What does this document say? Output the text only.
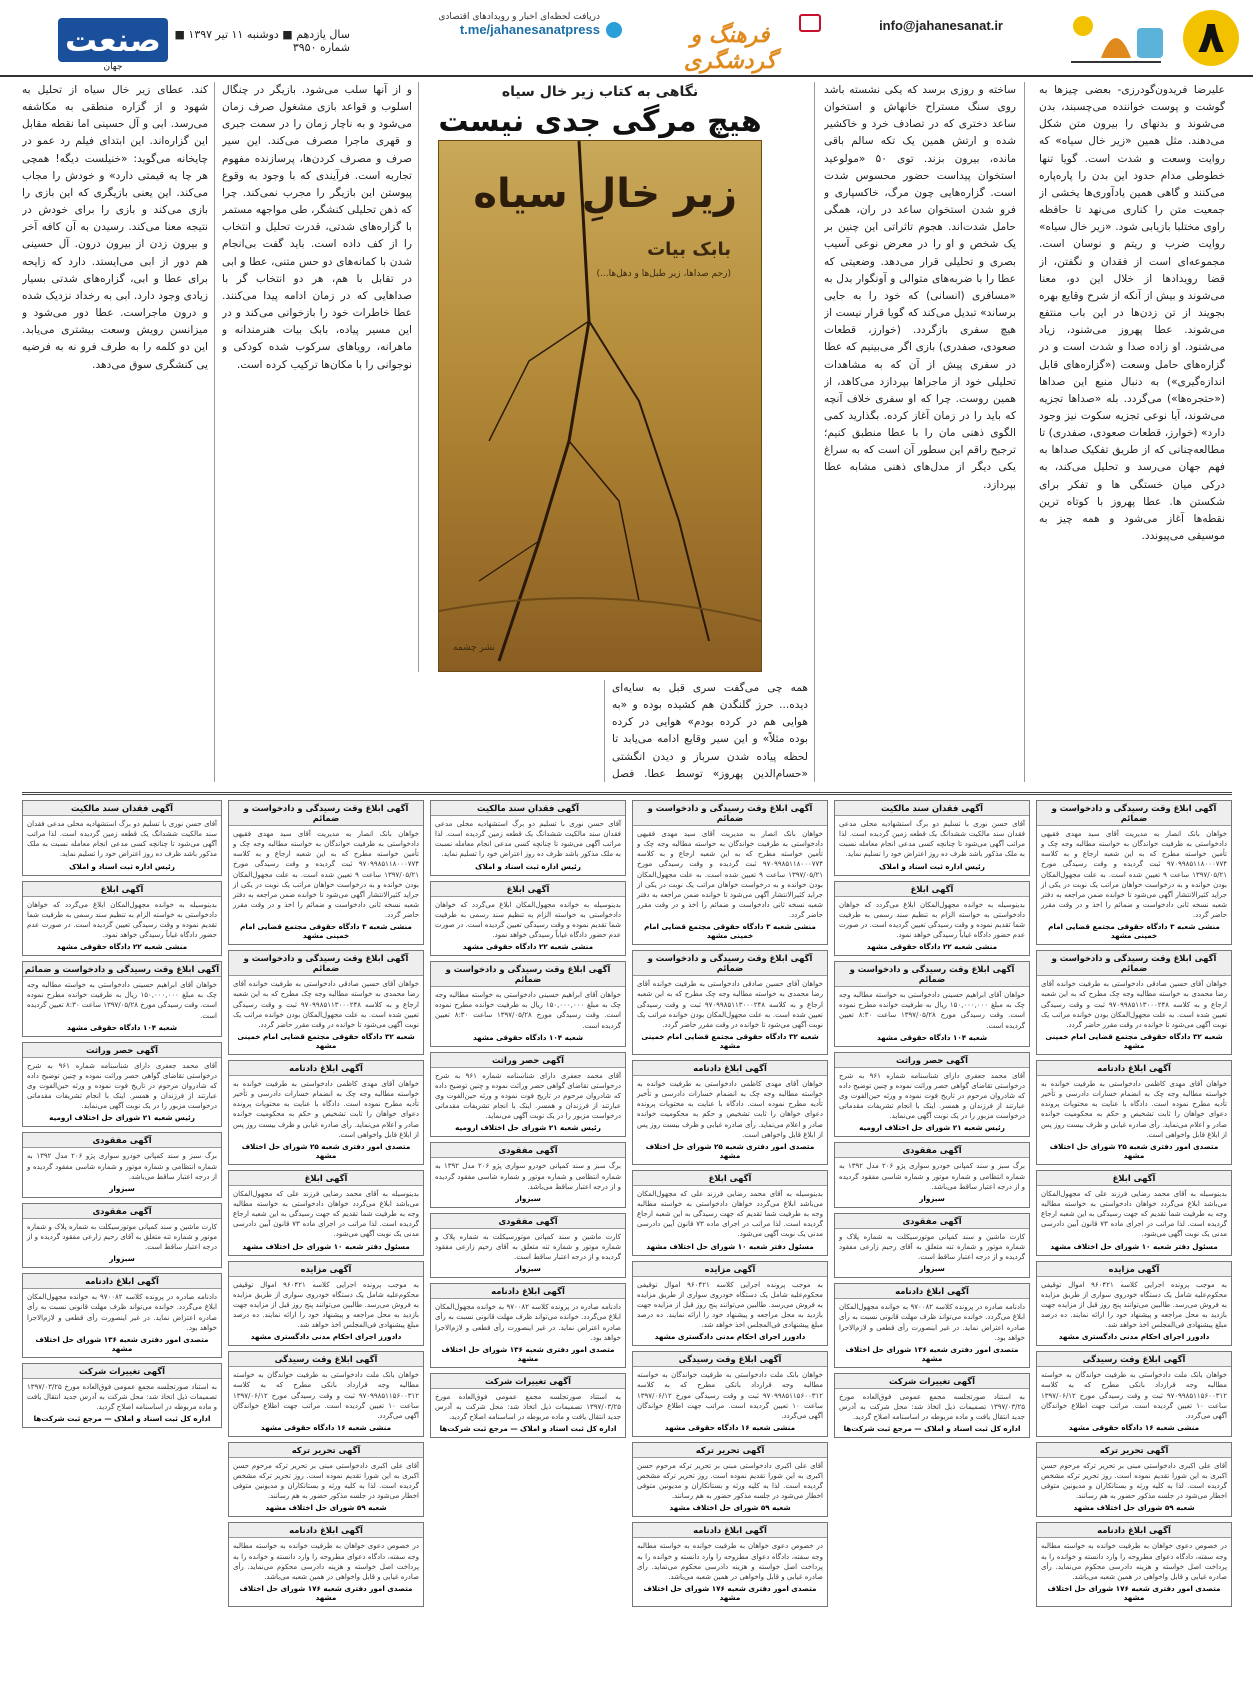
۸
info@jahanesanat.ir
فرهنگ و گردشگری
دریافت لحظه‌ای اخبار و رویدادهای اقتصادی
t.me/jahanesanatpress
سال یازدهم ■ دوشنبه ۱۱ تیر ۱۳۹۷ ■ شماره ۳۹۵۰
صنعت
جهان
علیرضا فریدون‌گودرزی- بعضی چیزها به گوشت و پوست خواننده می‌چسبند، بدن می‌شوند و بدنهای را بیرون متن شکل می‌دهند. مثل همین «زیر خال سیاه» که روایت وسعت و شدت است. گویا تنها خطوطی مدام حدود این بدن را پاره‌پاره می‌کنند و گاهی همین یادآوری‌ها یخشی از جمعیت متن را کناری می‌نهد تا حافظه راوی مختلبا بازیابی شود. «زیر خال سیاه» روایت ضرب و ریتم و نوسان است. مجموعه‌ای است از فقدان و نگفتن، از قضا رویدادها از خلال این دو، معنا می‌شوند و بیش از آنکه از شرح وقایع بهره بجویند از تن زدن‌ها در این باب منتفع می‌شوند. عطا پهروز می‌شنود، زیاد می‌شنود. او زاده صدا و شدت است و در گزاره‌های حامل وسعت («گزاره‌های قابل اندازه‌گیری») به دنبال منبع این صداها («حتجره‌ها») می‌گردد. بله «صداها تجزیه می‌شوند، آیا نوعی تجزیه سکوت نیز وجود دارد» (خوارز، قطعات صعودی، صفدری) تا مطالعه‌چنانی که از طریق تفکیک صداها به فهم جهان می‌رسد و تحلیل می‌کند، به درکی میان خستگی ها و تفکر برای شکستن ها. عطا پهروز با کوتاه ترین نقطه‌ها آغاز می‌شود و همه چیز به موسیقی می‌پیوندد.
ساخته و روزی برسد که یکی نشسته باشد روی سنگ مستراح خانهاش و استخوان ساعد دختری که در تصادف خرد و خاکشیر شده و ارتش همین یک تکه سالم باقی مانده، بیرون بزند. توی ۵۰ «مولوعید استخوان پیداست حضور محسوس شدت است. گزاره‌هایی چون مرگ، خاکسپاری و فرو شدن استخوان ساعد در ران، همگی حامل شدت‌اند. هجوم تاثراتی این چنین بر یک شخص و او را در معرض نوعی آسیب بصری و تحلیلی قرار می‌دهد. وضعیتی که عطا را با ضربه‌های متوالی و آونگوار بدل به «مسافری (انسانی) که خود را به جایی برساند» تبدیل می‌کند که گویا قرار نیست از هیچ سفری بازگردد. (خوارز، قطعات صعودی، صفدری) بازی اگر می‌بینیم که عطا در سفری پیش از آن که به مشاهدات تحلیلی خود از ماجراها بپردازد می‌کاهد، از همین روست. چرا که او سفری خلاف آنچه که باید را در زمان آغاز کرده. بگذارید کمی الگوی ذهنی مان را با عطا منطبق کنیم؛ ترجیح راقم این سطور آن است که به سراغ یکی دیگر از مدل‌های ذهنی مشابه عطا بپردازد.
نگاهی به کتاب زیر خال سیاه
هیچ مرگی جدی نیست
زیر خالِ سیاه
بابک بیات
(زحم صداها، زیر طبل‌ها و دهل‌ها...)
نشر چشمه
همه چی می‌گفت سری قبل به سایه‌ای دیده... حرز گلنگدن هم کشیده بوده و «به هوایی هم در کرده بودم» هوایی در کرده بوده مثلاً» و این سیر وقایع ادامه می‌یابد تا لحظه پیاده شدن سرباز و دیدن انگشتی «حسام‌الدین پهروز» توسط عطا. فصل
و از آنها سلب می‌شود. بازیگر در چنگال اسلوب و قواعد بازی مشغول صرف زمان می‌شود و به ناچار زمان را در سمت جبری و قهری ماجرا مصرف می‌کند. این سیر صرف و مصرف کردن‌ها، پرسازنده مفهوم تجاربه است. فرآیندی که با وجود به وقوع پیوستن این بازیگر را مجرب نمی‌کند. چرا که ذهن تحلیلی کنشگر، طی مواجهه مستمر با گزاره‌های شدتی، قدرت تحلیل و انتخاب را از کف داده است. باید گفت بی‌انجام شدن با کمانه‌های دو حس متنی، عطا و ابی در تقابل با هم، هر دو انتخاب گر با صداهایی که در زمان ادامه پیدا می‌کنند. عطا خاطرات خود را بازخوانی می‌کند و در این مسیر پیاده، بابک بیات هنرمندانه و ماهرانه، رویاهای سرکوب شده کودکی و نوجوانی را با مکان‌ها ترکیب کرده است.
کند. عطای زیر خال سیاه از تحلیل به شهود و از گزاره منطقی به مکاشفه می‌رسد. ابی و آل حسینی اما نقطه مقابل این گزاره‌اند. این ابتدای فیلم رد عمو در چایخانه می‌گوید: «خنیلست دیگه! همچی هر چا یه قیمتی دارد» و خودش را مجاب می‌کند. این یعنی بازیگری که این بازی را بازی می‌کند و بازی را برای خودش در نتیجه معنا می‌کند. رسیدن به آن کافه آخر و بیرون زدن از بیرون درون. آل حسینی هم دور از ابی می‌ایستد. دارد که زایحه برای عطا و ابی، گزاره‌های شدتی بسیار زیادی وجود دارد. ابی به رخداد نزدیک شده و درون ماجراست. عطا دور می‌شود و میزانسن رویش وسعت بیشتری می‌یابد. این دو کلمه را به طرف فرو نه به فرضیه یی کنشگری سوق می‌دهد.
آگهی ابلاغ وقت رسیدگی و دادخواست و ضمائم
خواهان بانک انصار به مدیریت آقای سید مهدی فقیهی دادخواستی به طرفیت خواندگان به خواسته مطالبه وجه چک و تأمین خواسته مطرح که به این شعبه ارجاع و به کلاسه ۹۷۰۹۹۸۵۱۱۸۰۰۰۷۷۴ ثبت گردیده و وقت رسیدگی مورخ ۱۳۹۷/۰۵/۲۱ ساعت ۹ تعیین شده است. به علت مجهول‌المکان بودن خوانده و به درخواست خواهان مراتب یک نوبت در یکی از جراید کثیرالانتشار آگهی می‌شود تا خوانده ضمن مراجعه به دفتر شعبه نسخه ثانی دادخواست و ضمائم را اخذ و در وقت مقرر حاضر گردد.
منشی شعبه ۳ دادگاه حقوقی مجتمع قضایی امام خمینی مشهد
آگهی ابلاغ وقت رسیدگی و دادخواست و ضمائم
خواهان آقای حسین صادقی دادخواستی به طرفیت خوانده آقای رضا محمدی به خواسته مطالبه وجه چک مطرح که به این شعبه ارجاع و به کلاسه ۹۷۰۹۹۸۵۱۱۳۰۰۰۲۴۸ ثبت و وقت رسیدگی تعیین شده است. به علت مجهول‌المکان بودن خوانده مراتب یک نوبت آگهی می‌شود تا خوانده در وقت مقرر حاضر گردد.
شعبه ۳۲ دادگاه حقوقی مجتمع قضایی امام خمینی مشهد
آگهی ابلاغ دادنامه
خواهان آقای مهدی کاظمی دادخواستی به طرفیت خوانده به خواسته مطالبه وجه چک به انضمام خسارات دادرسی و تأخیر تأدیه مطرح نموده است. دادگاه با عنایت به محتویات پرونده دعوای خواهان را ثابت تشخیص و حکم به محکومیت خوانده صادر و اعلام می‌نماید. رأی صادره غیابی و ظرف بیست روز پس از ابلاغ قابل واخواهی است.
متصدی امور دفتری شعبه ۲۵ شورای حل اختلاف مشهد
آگهی ابلاغ
بدینوسیله به آقای محمد رضایی فرزند علی که مجهول‌المکان می‌باشد ابلاغ می‌گردد خواهان دادخواستی به خواسته مطالبه وجه به طرفیت شما تقدیم که جهت رسیدگی به این شعبه ارجاع گردیده است. لذا مراتب در اجرای ماده ۷۳ قانون آیین دادرسی مدنی یک نوبت آگهی می‌شود.
مسئول دفتر شعبه ۱۰ شورای حل اختلاف مشهد
آگهی مزایده
به موجب پرونده اجرایی کلاسه ۹۶۰۴۲۱ اموال توقیفی محکوم‌علیه شامل یک دستگاه خودروی سواری از طریق مزایده به فروش می‌رسد. طالبین می‌توانند پنج روز قبل از مزایده جهت بازدید به محل مراجعه و پیشنهاد خود را ارائه نمایند. ده درصد مبلغ پیشنهادی فی‌المجلس اخذ خواهد شد.
دادورز اجرای احکام مدنی دادگستری مشهد
آگهی ابلاغ وقت رسیدگی
خواهان بانک ملت دادخواستی به طرفیت خواندگان به خواسته مطالبه وجه قرارداد بانکی مطرح که به کلاسه ۹۷۰۹۹۸۵۱۱۵۶۰۰۳۱۲ ثبت و وقت رسیدگی مورخ ۱۳۹۷/۰۶/۱۲ ساعت ۱۰ تعیین گردیده است. مراتب جهت اطلاع خواندگان آگهی می‌گردد.
منشی شعبه ۱۶ دادگاه حقوقی مشهد
آگهی تحریر ترکه
آقای علی اکبری دادخواستی مبنی بر تحریر ترکه مرحوم حسن اکبری به این شورا تقدیم نموده است. روز تحریر ترکه مشخص گردیده است. لذا به کلیه ورثه و بستانکاران و مدیونین متوفی اخطار می‌شود در جلسه مذکور حضور به هم رسانند.
شعبه ۵۹ شورای حل اختلاف مشهد
آگهی ابلاغ دادنامه
در خصوص دعوی خواهان به طرفیت خوانده به خواسته مطالبه وجه سفته، دادگاه دعوای مطروحه را وارد دانسته و خوانده را به پرداخت اصل خواسته و هزینه دادرسی محکوم می‌نماید. رأی صادره غیابی و قابل واخواهی در همین شعبه می‌باشد.
متصدی امور دفتری شعبه ۱۷۶ شورای حل اختلاف مشهد
آگهی فقدان سند مالکیت
آقای حسن نوری با تسلیم دو برگ استشهادیه محلی مدعی فقدان سند مالکیت ششدانگ یک قطعه زمین گردیده است. لذا مراتب آگهی می‌شود تا چنانچه کسی مدعی انجام معامله نسبت به ملک مذکور باشد ظرف ده روز اعتراض خود را تسلیم نماید.
رئیس اداره ثبت اسناد و املاک
آگهی ابلاغ
بدینوسیله به خوانده مجهول‌المکان ابلاغ می‌گردد که خواهان دادخواستی به خواسته الزام به تنظیم سند رسمی به طرفیت شما تقدیم نموده و وقت رسیدگی تعیین گردیده است. در صورت عدم حضور دادگاه غیاباً رسیدگی خواهد نمود.
منشی شعبه ۲۲ دادگاه حقوقی مشهد
آگهی ابلاغ وقت رسیدگی و دادخواست و ضمائم
خواهان آقای ابراهیم حسینی دادخواستی به خواسته مطالبه وجه چک به مبلغ ۱۵۰,۰۰۰,۰۰۰ ریال به طرفیت خوانده مطرح نموده است. وقت رسیدگی مورخ ۱۳۹۷/۰۵/۲۸ ساعت ۸:۳۰ تعیین گردیده است.
شعبه ۱۰۴ دادگاه حقوقی مشهد
آگهی حصر وراثت
آقای محمد جعفری دارای شناسنامه شماره ۹۶۱ به شرح درخواستی تقاضای گواهی حصر وراثت نموده و چنین توضیح داده که شادروان مرحوم در تاریخ فوت نموده و ورثه حین‌الفوت وی عبارتند از فرزندان و همسر. اینک با انجام تشریفات مقدماتی درخواست مزبور را در یک نوبت آگهی می‌نماید.
رئیس شعبه ۲۱ شورای حل اختلاف ارومیه
آگهی مفقودی
برگ سبز و سند کمپانی خودرو سواری پژو ۲۰۶ مدل ۱۳۹۲ به شماره انتظامی و شماره موتور و شماره شاسی مفقود گردیده و از درجه اعتبار ساقط می‌باشد.
سبزوار
آگهی مفقودی
کارت ماشین و سند کمپانی موتورسیکلت به شماره پلاک و شماره موتور و شماره تنه متعلق به آقای رحیم زارعی مفقود گردیده و از درجه اعتبار ساقط است.
سبزوار
آگهی ابلاغ دادنامه
دادنامه صادره در پرونده کلاسه ۹۷۰۰۸۲ به خوانده مجهول‌المکان ابلاغ می‌گردد. خوانده می‌تواند ظرف مهلت قانونی نسبت به رأی صادره اعتراض نماید. در غیر اینصورت رأی قطعی و لازم‌الاجرا خواهد بود.
متصدی امور دفتری شعبه ۱۳۶ شورای حل اختلاف مشهد
آگهی تغییرات شرکت
به استناد صورتجلسه مجمع عمومی فوق‌العاده مورخ ۱۳۹۷/۰۳/۲۵ تصمیمات ذیل اتخاذ شد: محل شرکت به آدرس جدید انتقال یافت و ماده مربوطه در اساسنامه اصلاح گردید.
اداره کل ثبت اسناد و املاک — مرجع ثبت شرکت‌ها
آگهی ابلاغ وقت رسیدگی و دادخواست و ضمائم
خواهان بانک انصار به مدیریت آقای سید مهدی فقیهی دادخواستی به طرفیت خواندگان به خواسته مطالبه وجه چک و تأمین خواسته مطرح که به این شعبه ارجاع و به کلاسه ۹۷۰۹۹۸۵۱۱۸۰۰۰۷۷۴ ثبت گردیده و وقت رسیدگی مورخ ۱۳۹۷/۰۵/۲۱ ساعت ۹ تعیین شده است. به علت مجهول‌المکان بودن خوانده و به درخواست خواهان مراتب یک نوبت در یکی از جراید کثیرالانتشار آگهی می‌شود تا خوانده ضمن مراجعه به دفتر شعبه نسخه ثانی دادخواست و ضمائم را اخذ و در وقت مقرر حاضر گردد.
منشی شعبه ۳ دادگاه حقوقی مجتمع قضایی امام خمینی مشهد
آگهی ابلاغ وقت رسیدگی و دادخواست و ضمائم
خواهان آقای حسین صادقی دادخواستی به طرفیت خوانده آقای رضا محمدی به خواسته مطالبه وجه چک مطرح که به این شعبه ارجاع و به کلاسه ۹۷۰۹۹۸۵۱۱۳۰۰۰۲۴۸ ثبت و وقت رسیدگی تعیین شده است. به علت مجهول‌المکان بودن خوانده مراتب یک نوبت آگهی می‌شود تا خوانده در وقت مقرر حاضر گردد.
شعبه ۳۲ دادگاه حقوقی مجتمع قضایی امام خمینی مشهد
آگهی ابلاغ دادنامه
خواهان آقای مهدی کاظمی دادخواستی به طرفیت خوانده به خواسته مطالبه وجه چک به انضمام خسارات دادرسی و تأخیر تأدیه مطرح نموده است. دادگاه با عنایت به محتویات پرونده دعوای خواهان را ثابت تشخیص و حکم به محکومیت خوانده صادر و اعلام می‌نماید. رأی صادره غیابی و ظرف بیست روز پس از ابلاغ قابل واخواهی است.
متصدی امور دفتری شعبه ۲۵ شورای حل اختلاف مشهد
آگهی ابلاغ
بدینوسیله به آقای محمد رضایی فرزند علی که مجهول‌المکان می‌باشد ابلاغ می‌گردد خواهان دادخواستی به خواسته مطالبه وجه به طرفیت شما تقدیم که جهت رسیدگی به این شعبه ارجاع گردیده است. لذا مراتب در اجرای ماده ۷۳ قانون آیین دادرسی مدنی یک نوبت آگهی می‌شود.
مسئول دفتر شعبه ۱۰ شورای حل اختلاف مشهد
آگهی مزایده
به موجب پرونده اجرایی کلاسه ۹۶۰۴۲۱ اموال توقیفی محکوم‌علیه شامل یک دستگاه خودروی سواری از طریق مزایده به فروش می‌رسد. طالبین می‌توانند پنج روز قبل از مزایده جهت بازدید به محل مراجعه و پیشنهاد خود را ارائه نمایند. ده درصد مبلغ پیشنهادی فی‌المجلس اخذ خواهد شد.
دادورز اجرای احکام مدنی دادگستری مشهد
آگهی ابلاغ وقت رسیدگی
خواهان بانک ملت دادخواستی به طرفیت خواندگان به خواسته مطالبه وجه قرارداد بانکی مطرح که به کلاسه ۹۷۰۹۹۸۵۱۱۵۶۰۰۳۱۲ ثبت و وقت رسیدگی مورخ ۱۳۹۷/۰۶/۱۲ ساعت ۱۰ تعیین گردیده است. مراتب جهت اطلاع خواندگان آگهی می‌گردد.
منشی شعبه ۱۶ دادگاه حقوقی مشهد
آگهی تحریر ترکه
آقای علی اکبری دادخواستی مبنی بر تحریر ترکه مرحوم حسن اکبری به این شورا تقدیم نموده است. روز تحریر ترکه مشخص گردیده است. لذا به کلیه ورثه و بستانکاران و مدیونین متوفی اخطار می‌شود در جلسه مذکور حضور به هم رسانند.
شعبه ۵۹ شورای حل اختلاف مشهد
آگهی ابلاغ دادنامه
در خصوص دعوی خواهان به طرفیت خوانده به خواسته مطالبه وجه سفته، دادگاه دعوای مطروحه را وارد دانسته و خوانده را به پرداخت اصل خواسته و هزینه دادرسی محکوم می‌نماید. رأی صادره غیابی و قابل واخواهی در همین شعبه می‌باشد.
متصدی امور دفتری شعبه ۱۷۶ شورای حل اختلاف مشهد
آگهی فقدان سند مالکیت
آقای حسن نوری با تسلیم دو برگ استشهادیه محلی مدعی فقدان سند مالکیت ششدانگ یک قطعه زمین گردیده است. لذا مراتب آگهی می‌شود تا چنانچه کسی مدعی انجام معامله نسبت به ملک مذکور باشد ظرف ده روز اعتراض خود را تسلیم نماید.
رئیس اداره ثبت اسناد و املاک
آگهی ابلاغ
بدینوسیله به خوانده مجهول‌المکان ابلاغ می‌گردد که خواهان دادخواستی به خواسته الزام به تنظیم سند رسمی به طرفیت شما تقدیم نموده و وقت رسیدگی تعیین گردیده است. در صورت عدم حضور دادگاه غیاباً رسیدگی خواهد نمود.
منشی شعبه ۲۲ دادگاه حقوقی مشهد
آگهی ابلاغ وقت رسیدگی و دادخواست و ضمائم
خواهان آقای ابراهیم حسینی دادخواستی به خواسته مطالبه وجه چک به مبلغ ۱۵۰,۰۰۰,۰۰۰ ریال به طرفیت خوانده مطرح نموده است. وقت رسیدگی مورخ ۱۳۹۷/۰۵/۲۸ ساعت ۸:۳۰ تعیین گردیده است.
شعبه ۱۰۴ دادگاه حقوقی مشهد
آگهی حصر وراثت
آقای محمد جعفری دارای شناسنامه شماره ۹۶۱ به شرح درخواستی تقاضای گواهی حصر وراثت نموده و چنین توضیح داده که شادروان مرحوم در تاریخ فوت نموده و ورثه حین‌الفوت وی عبارتند از فرزندان و همسر. اینک با انجام تشریفات مقدماتی درخواست مزبور را در یک نوبت آگهی می‌نماید.
رئیس شعبه ۲۱ شورای حل اختلاف ارومیه
آگهی مفقودی
برگ سبز و سند کمپانی خودرو سواری پژو ۲۰۶ مدل ۱۳۹۲ به شماره انتظامی و شماره موتور و شماره شاسی مفقود گردیده و از درجه اعتبار ساقط می‌باشد.
سبزوار
آگهی مفقودی
کارت ماشین و سند کمپانی موتورسیکلت به شماره پلاک و شماره موتور و شماره تنه متعلق به آقای رحیم زارعی مفقود گردیده و از درجه اعتبار ساقط است.
سبزوار
آگهی ابلاغ دادنامه
دادنامه صادره در پرونده کلاسه ۹۷۰۰۸۲ به خوانده مجهول‌المکان ابلاغ می‌گردد. خوانده می‌تواند ظرف مهلت قانونی نسبت به رأی صادره اعتراض نماید. در غیر اینصورت رأی قطعی و لازم‌الاجرا خواهد بود.
متصدی امور دفتری شعبه ۱۳۶ شورای حل اختلاف مشهد
آگهی تغییرات شرکت
به استناد صورتجلسه مجمع عمومی فوق‌العاده مورخ ۱۳۹۷/۰۳/۲۵ تصمیمات ذیل اتخاذ شد: محل شرکت به آدرس جدید انتقال یافت و ماده مربوطه در اساسنامه اصلاح گردید.
اداره کل ثبت اسناد و املاک — مرجع ثبت شرکت‌ها
آگهی ابلاغ وقت رسیدگی و دادخواست و ضمائم
خواهان بانک انصار به مدیریت آقای سید مهدی فقیهی دادخواستی به طرفیت خواندگان به خواسته مطالبه وجه چک و تأمین خواسته مطرح که به این شعبه ارجاع و به کلاسه ۹۷۰۹۹۸۵۱۱۸۰۰۰۷۷۴ ثبت گردیده و وقت رسیدگی مورخ ۱۳۹۷/۰۵/۲۱ ساعت ۹ تعیین شده است. به علت مجهول‌المکان بودن خوانده و به درخواست خواهان مراتب یک نوبت در یکی از جراید کثیرالانتشار آگهی می‌شود تا خوانده ضمن مراجعه به دفتر شعبه نسخه ثانی دادخواست و ضمائم را اخذ و در وقت مقرر حاضر گردد.
منشی شعبه ۳ دادگاه حقوقی مجتمع قضایی امام خمینی مشهد
آگهی ابلاغ وقت رسیدگی و دادخواست و ضمائم
خواهان آقای حسین صادقی دادخواستی به طرفیت خوانده آقای رضا محمدی به خواسته مطالبه وجه چک مطرح که به این شعبه ارجاع و به کلاسه ۹۷۰۹۹۸۵۱۱۳۰۰۰۲۴۸ ثبت و وقت رسیدگی تعیین شده است. به علت مجهول‌المکان بودن خوانده مراتب یک نوبت آگهی می‌شود تا خوانده در وقت مقرر حاضر گردد.
شعبه ۳۲ دادگاه حقوقی مجتمع قضایی امام خمینی مشهد
آگهی ابلاغ دادنامه
خواهان آقای مهدی کاظمی دادخواستی به طرفیت خوانده به خواسته مطالبه وجه چک به انضمام خسارات دادرسی و تأخیر تأدیه مطرح نموده است. دادگاه با عنایت به محتویات پرونده دعوای خواهان را ثابت تشخیص و حکم به محکومیت خوانده صادر و اعلام می‌نماید. رأی صادره غیابی و ظرف بیست روز پس از ابلاغ قابل واخواهی است.
متصدی امور دفتری شعبه ۲۵ شورای حل اختلاف مشهد
آگهی ابلاغ
بدینوسیله به آقای محمد رضایی فرزند علی که مجهول‌المکان می‌باشد ابلاغ می‌گردد خواهان دادخواستی به خواسته مطالبه وجه به طرفیت شما تقدیم که جهت رسیدگی به این شعبه ارجاع گردیده است. لذا مراتب در اجرای ماده ۷۳ قانون آیین دادرسی مدنی یک نوبت آگهی می‌شود.
مسئول دفتر شعبه ۱۰ شورای حل اختلاف مشهد
آگهی مزایده
به موجب پرونده اجرایی کلاسه ۹۶۰۴۲۱ اموال توقیفی محکوم‌علیه شامل یک دستگاه خودروی سواری از طریق مزایده به فروش می‌رسد. طالبین می‌توانند پنج روز قبل از مزایده جهت بازدید به محل مراجعه و پیشنهاد خود را ارائه نمایند. ده درصد مبلغ پیشنهادی فی‌المجلس اخذ خواهد شد.
دادورز اجرای احکام مدنی دادگستری مشهد
آگهی ابلاغ وقت رسیدگی
خواهان بانک ملت دادخواستی به طرفیت خواندگان به خواسته مطالبه وجه قرارداد بانکی مطرح که به کلاسه ۹۷۰۹۹۸۵۱۱۵۶۰۰۳۱۲ ثبت و وقت رسیدگی مورخ ۱۳۹۷/۰۶/۱۲ ساعت ۱۰ تعیین گردیده است. مراتب جهت اطلاع خواندگان آگهی می‌گردد.
منشی شعبه ۱۶ دادگاه حقوقی مشهد
آگهی تحریر ترکه
آقای علی اکبری دادخواستی مبنی بر تحریر ترکه مرحوم حسن اکبری به این شورا تقدیم نموده است. روز تحریر ترکه مشخص گردیده است. لذا به کلیه ورثه و بستانکاران و مدیونین متوفی اخطار می‌شود در جلسه مذکور حضور به هم رسانند.
شعبه ۵۹ شورای حل اختلاف مشهد
آگهی ابلاغ دادنامه
در خصوص دعوی خواهان به طرفیت خوانده به خواسته مطالبه وجه سفته، دادگاه دعوای مطروحه را وارد دانسته و خوانده را به پرداخت اصل خواسته و هزینه دادرسی محکوم می‌نماید. رأی صادره غیابی و قابل واخواهی در همین شعبه می‌باشد.
متصدی امور دفتری شعبه ۱۷۶ شورای حل اختلاف مشهد
آگهی فقدان سند مالکیت
آقای حسن نوری با تسلیم دو برگ استشهادیه محلی مدعی فقدان سند مالکیت ششدانگ یک قطعه زمین گردیده است. لذا مراتب آگهی می‌شود تا چنانچه کسی مدعی انجام معامله نسبت به ملک مذکور باشد ظرف ده روز اعتراض خود را تسلیم نماید.
رئیس اداره ثبت اسناد و املاک
آگهی ابلاغ
بدینوسیله به خوانده مجهول‌المکان ابلاغ می‌گردد که خواهان دادخواستی به خواسته الزام به تنظیم سند رسمی به طرفیت شما تقدیم نموده و وقت رسیدگی تعیین گردیده است. در صورت عدم حضور دادگاه غیاباً رسیدگی خواهد نمود.
منشی شعبه ۲۲ دادگاه حقوقی مشهد
آگهی ابلاغ وقت رسیدگی و دادخواست و ضمائم
خواهان آقای ابراهیم حسینی دادخواستی به خواسته مطالبه وجه چک به مبلغ ۱۵۰,۰۰۰,۰۰۰ ریال به طرفیت خوانده مطرح نموده است. وقت رسیدگی مورخ ۱۳۹۷/۰۵/۲۸ ساعت ۸:۳۰ تعیین گردیده است.
شعبه ۱۰۴ دادگاه حقوقی مشهد
آگهی حصر وراثت
آقای محمد جعفری دارای شناسنامه شماره ۹۶۱ به شرح درخواستی تقاضای گواهی حصر وراثت نموده و چنین توضیح داده که شادروان مرحوم در تاریخ فوت نموده و ورثه حین‌الفوت وی عبارتند از فرزندان و همسر. اینک با انجام تشریفات مقدماتی درخواست مزبور را در یک نوبت آگهی می‌نماید.
رئیس شعبه ۲۱ شورای حل اختلاف ارومیه
آگهی مفقودی
برگ سبز و سند کمپانی خودرو سواری پژو ۲۰۶ مدل ۱۳۹۲ به شماره انتظامی و شماره موتور و شماره شاسی مفقود گردیده و از درجه اعتبار ساقط می‌باشد.
سبزوار
آگهی مفقودی
کارت ماشین و سند کمپانی موتورسیکلت به شماره پلاک و شماره موتور و شماره تنه متعلق به آقای رحیم زارعی مفقود گردیده و از درجه اعتبار ساقط است.
سبزوار
آگهی ابلاغ دادنامه
دادنامه صادره در پرونده کلاسه ۹۷۰۰۸۲ به خوانده مجهول‌المکان ابلاغ می‌گردد. خوانده می‌تواند ظرف مهلت قانونی نسبت به رأی صادره اعتراض نماید. در غیر اینصورت رأی قطعی و لازم‌الاجرا خواهد بود.
متصدی امور دفتری شعبه ۱۳۶ شورای حل اختلاف مشهد
آگهی تغییرات شرکت
به استناد صورتجلسه مجمع عمومی فوق‌العاده مورخ ۱۳۹۷/۰۳/۲۵ تصمیمات ذیل اتخاذ شد: محل شرکت به آدرس جدید انتقال یافت و ماده مربوطه در اساسنامه اصلاح گردید.
اداره کل ثبت اسناد و املاک — مرجع ثبت شرکت‌ها
